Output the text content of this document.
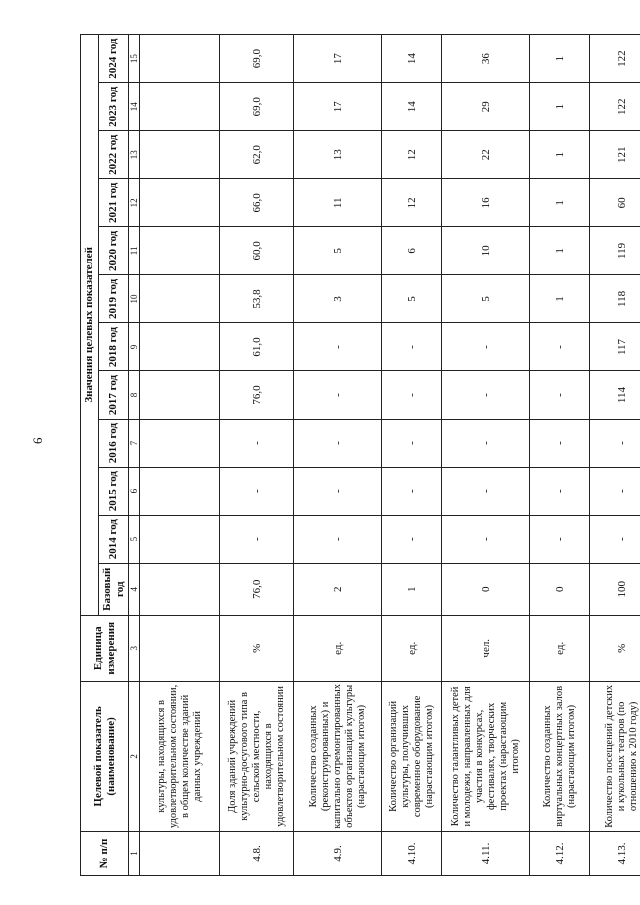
6
№ п/п	Целевой показатель (наименование)	Единица измерения	Значения целевых показателей											
			Базовый год	2014 год	2015 год	2016 год	2017 год	2018 год	2019 год	2020 год	2021 год	2022 год	2023 год	2024 год
1	2	3	4	5	6	7	8	9	10	11	12	13	14	15
	культуры, находящихся в удовлетворительном состоянии, в общем количестве зданий данных учреждений													
4.8.	Доля зданий учреждений культурно-досугового типа в сельской местности, находящихся в удовлетворительном состоянии	%	76,0	-	-	-	76,0	61,0	53,8	60,0	66,0	62,0	69,0	69,0
4.9.	Количество созданных (реконструированных) и капитально отремонтированных объектов организаций культуры (нарастающим итогом)	ед.	2	-	-	-	-	-	3	5	11	13	17	17
4.10.	Количество организаций культуры, получивших современное оборудование (нарастающим итогом)	ед.	1	-	-	-	-	-	5	6	12	12	14	14
4.11.	Количество талантливых детей и молодежи, направленных для участия в конкурсах, фестивалях, творческих проектах (нарастающим итогом)	чел.	0	-	-	-	-	-	5	10	16	22	29	36
4.12.	Количество созданных виртуальных концертных залов (нарастающим итогом)	ед.	0	-	-	-	-	-	1	1	1	1	1	1
4.13.	Количество посещений детских и кукольных театров (по отношению к 2010 году)	%	100	-	-	-	114	117	118	119	60	121	122	122
